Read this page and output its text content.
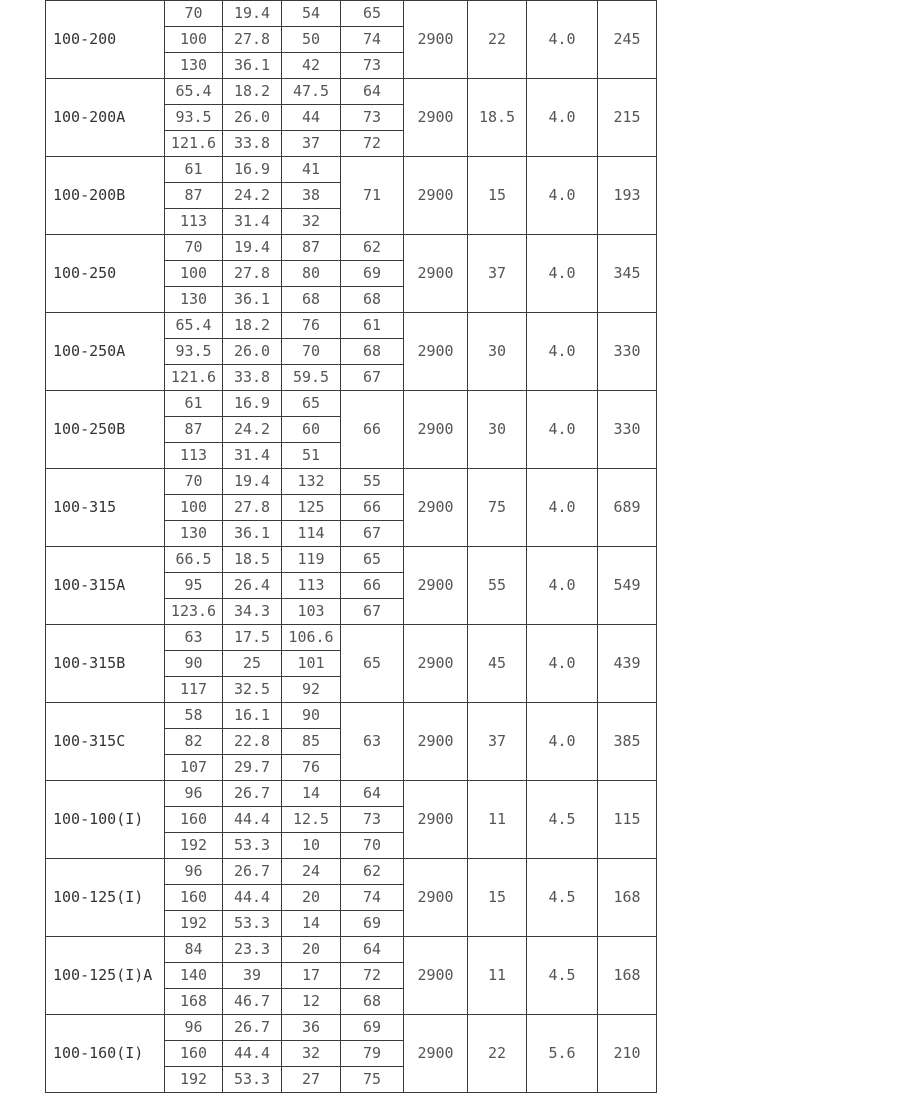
100-200	70	19.4	54	65	2900	22	4.0	245
	100	27.8	50	74				
	130	36.1	42	73				
100-200A	65.4	18.2	47.5	64	2900	18.5	4.0	215
	93.5	26.0	44	73				
	121.6	33.8	37	72				
100-200B	61	16.9	41	71	2900	15	4.0	193
	87	24.2	38					
	113	31.4	32					
100-250	70	19.4	87	62	2900	37	4.0	345
	100	27.8	80	69				
	130	36.1	68	68				
100-250A	65.4	18.2	76	61	2900	30	4.0	330
	93.5	26.0	70	68				
	121.6	33.8	59.5	67				
100-250B	61	16.9	65	66	2900	30	4.0	330
	87	24.2	60					
	113	31.4	51					
100-315	70	19.4	132	55	2900	75	4.0	689
	100	27.8	125	66				
	130	36.1	114	67				
100-315A	66.5	18.5	119	65	2900	55	4.0	549
	95	26.4	113	66				
	123.6	34.3	103	67				
100-315B	63	17.5	106.6	65	2900	45	4.0	439
	90	25	101					
	117	32.5	92					
100-315C	58	16.1	90	63	2900	37	4.0	385
	82	22.8	85					
	107	29.7	76					
100-100(I)	96	26.7	14	64	2900	11	4.5	115
	160	44.4	12.5	73				
	192	53.3	10	70				
100-125(I)	96	26.7	24	62	2900	15	4.5	168
	160	44.4	20	74				
	192	53.3	14	69				
100-125(I)A	84	23.3	20	64	2900	11	4.5	168
	140	39	17	72				
	168	46.7	12	68				
100-160(I)	96	26.7	36	69	2900	22	5.6	210
	160	44.4	32	79				
	192	53.3	27	75				
